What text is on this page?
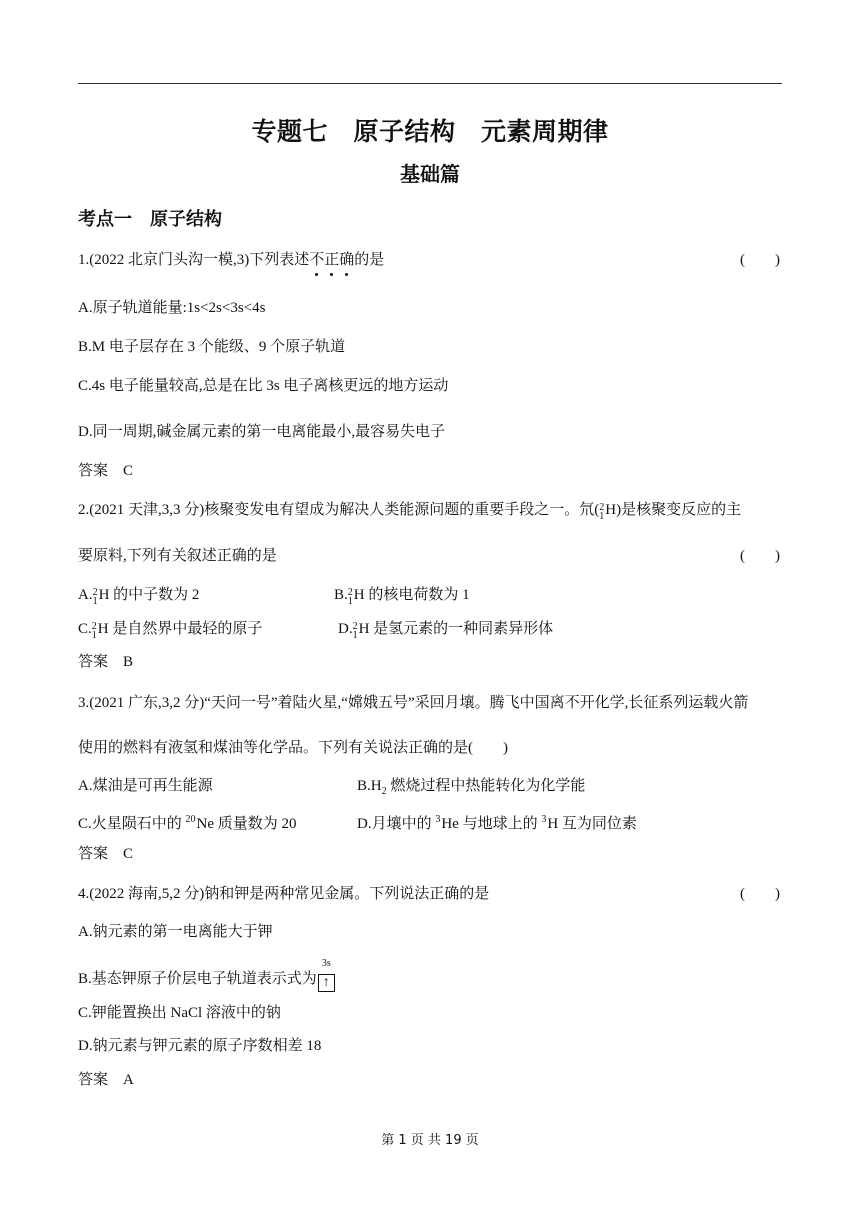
专题七　原子结构　元素周期律
基础篇
考点一　原子结构
1.(2022 北京门头沟一模,3)下列表述不正确的是	(　　)
A.原子轨道能量:1s<2s<3s<4s
B.M 电子层存在 3 个能级、9 个原子轨道
C.4s 电子能量较高,总是在比 3s 电子离核更远的地方运动
D.同一周期,碱金属元素的第一电离能最小,最容易失电子
答案　C
2.(2021 天津,3,3 分)核聚变发电有望成为解决人类能源问题的重要手段之一。氘( 2
1 H)是核聚变反应的主
要原料,下列有关叙述正确的是	(　　)
A. 2
1 H 的中子数为 2	B. 2
1 H 的核电荷数为 1
C. 2
1 H 是自然界中最轻的原子	D. 2
1 H 是氢元素的一种同素异形体
答案　B
3.(2021 广东,3,2 分)“天问一号”着陆火星,“嫦娥五号”采回月壤。腾飞中国离不开化学,长征系列运载火箭
使用的燃料有液氢和煤油等化学品。下列有关说法正确的是(　　)
A.煤油是可再生能源	$B.H_2$ 燃烧过程中热能转化为化学能
C.火星陨石中的 $^{20}$Ne 质量数为 20	D.月壤中的 $^3$He 与地球上的 $^3$H 互为同位素
答案　C
4.(2022 海南,5,2 分)钠和钾是两种常见金属。下列说法正确的是	(　　)
A.钠元素的第一电离能大于钾
B.基态钾原子价层电子轨道表示式为
3s
↑
C.钾能置换出 NaCl 溶液中的钠
D.钠元素与钾元素的原子序数相差 18
答案　A
第 1 页 共 19 页
